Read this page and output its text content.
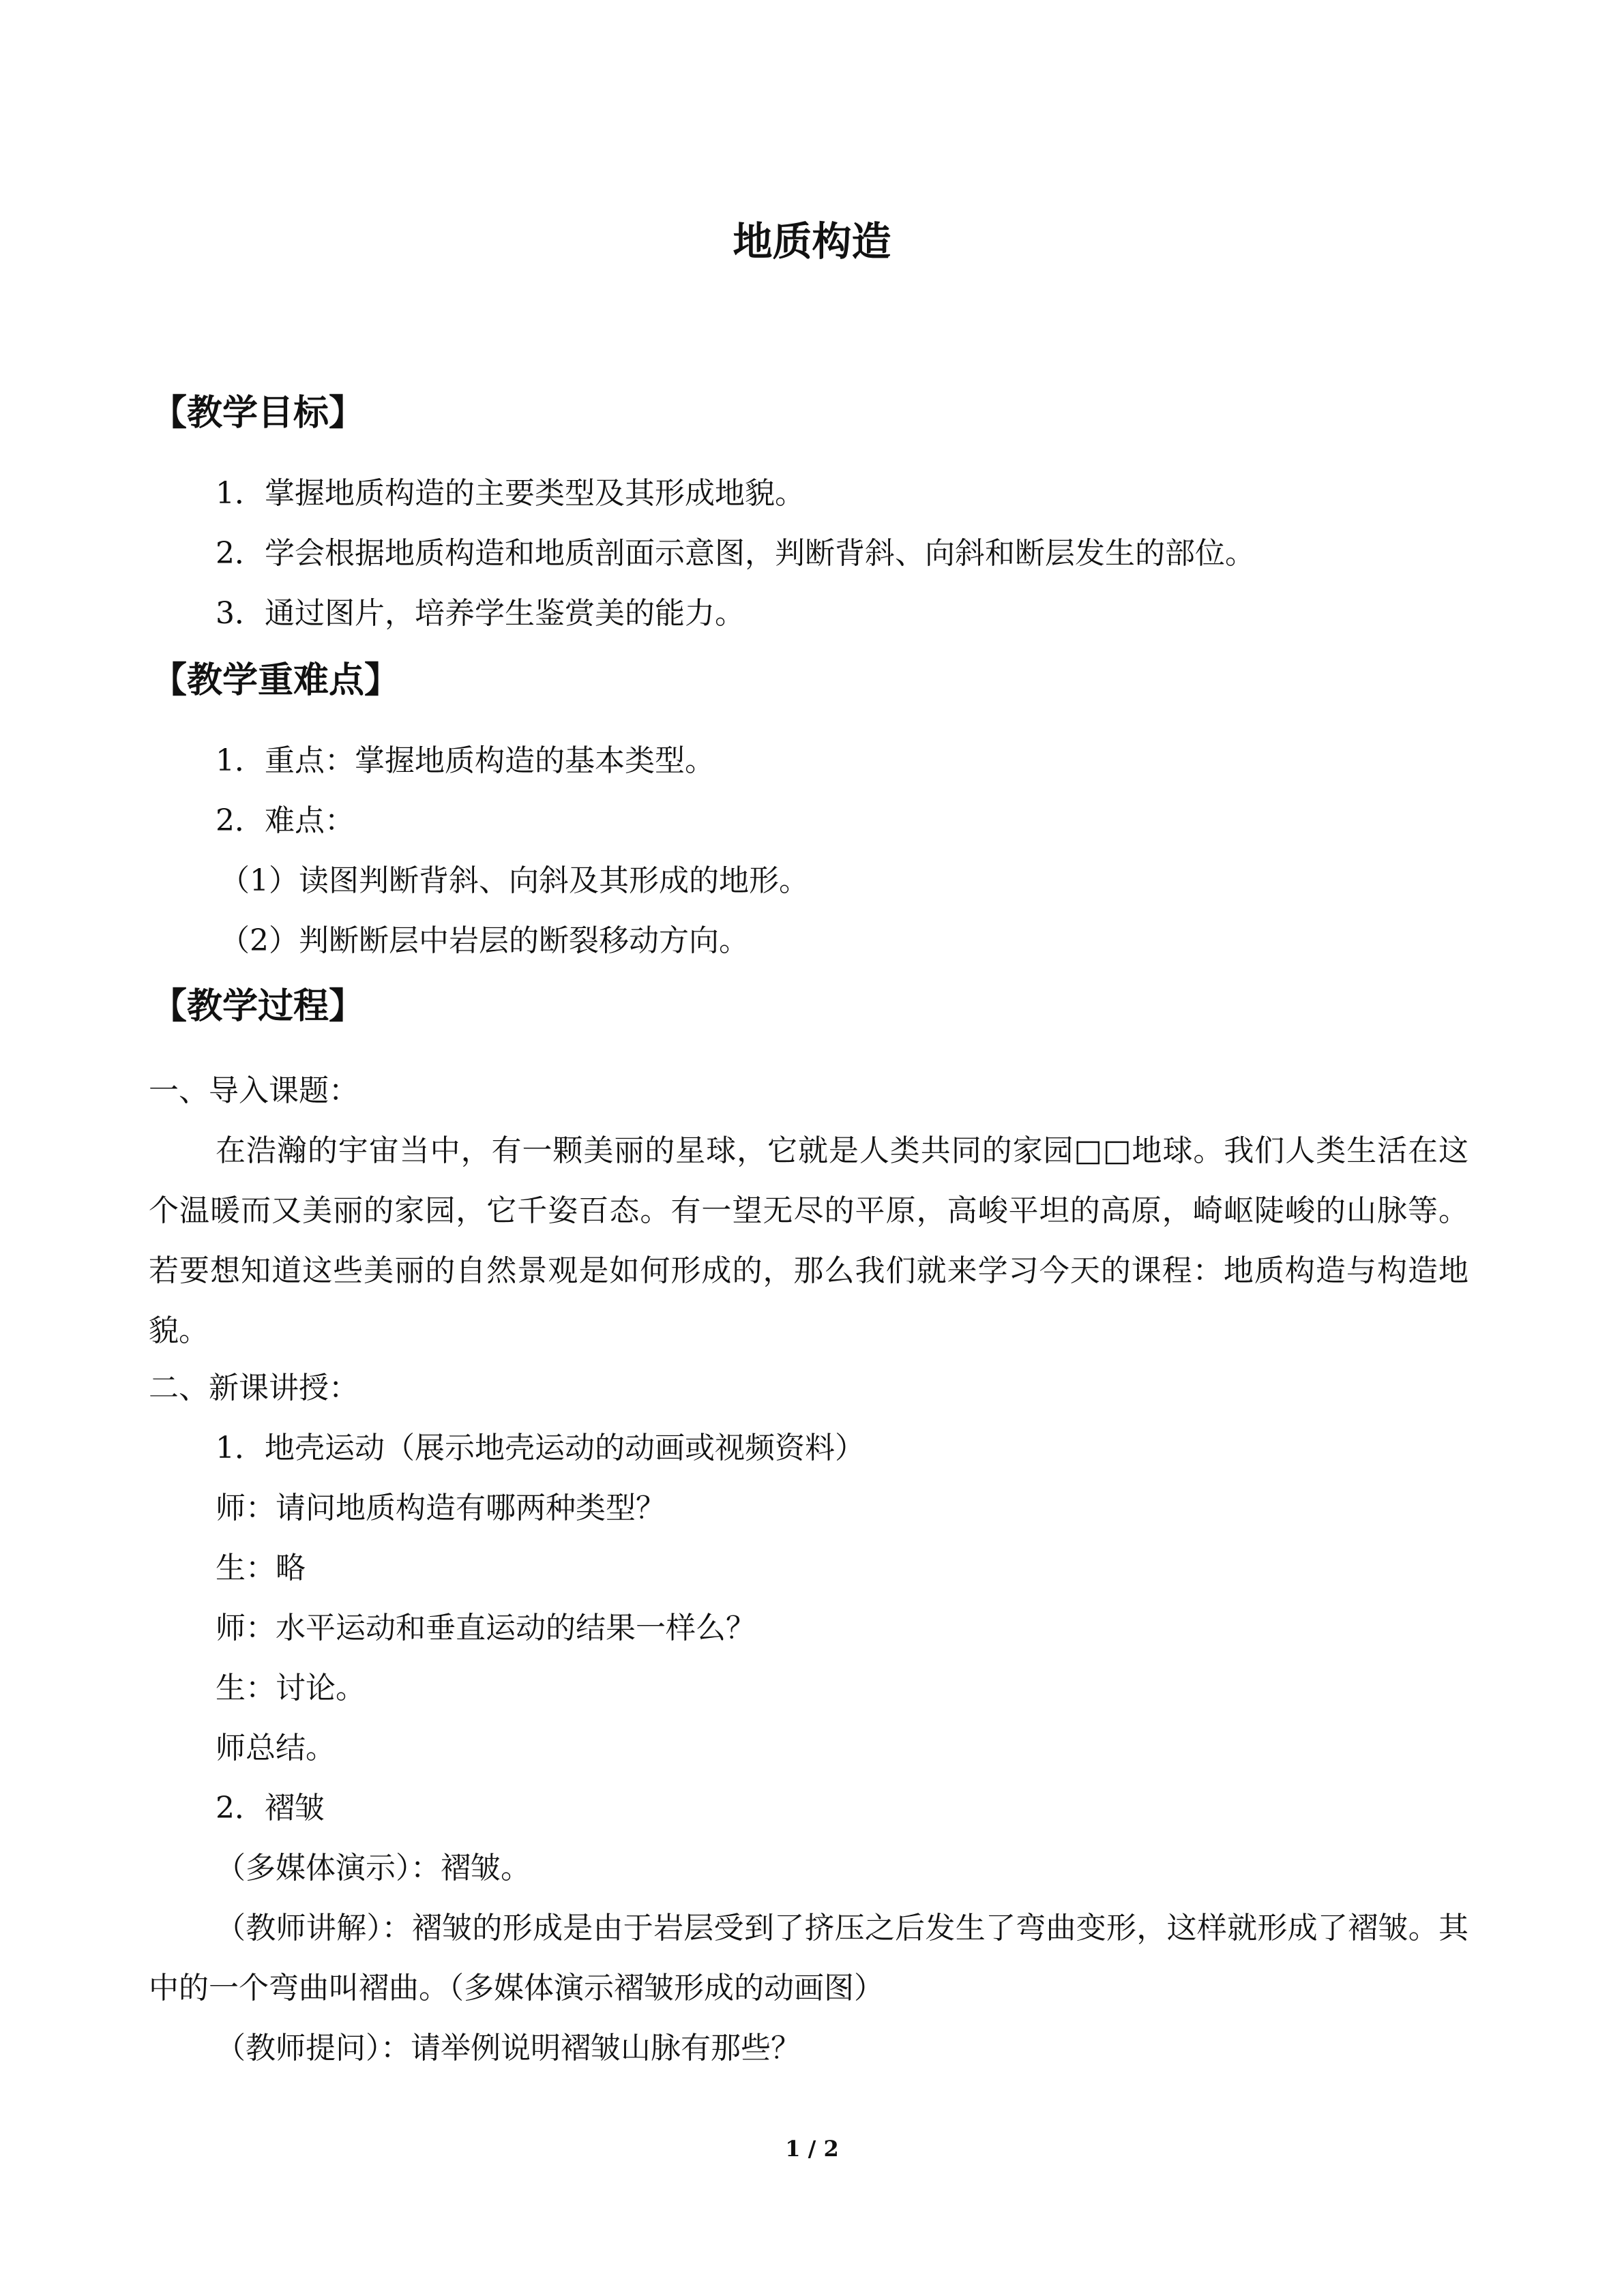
地质构造
【教学目标】
1．掌握地质构造的主要类型及其形成地貌。
2．学会根据地质构造和地质剖面示意图，判断背斜、向斜和断层发生的部位。
3．通过图片，培养学生鉴赏美的能力。
【教学重难点】
1．重点：掌握地质构造的基本类型。
2．难点：
（1）读图判断背斜、向斜及其形成的地形。
（2）判断断层中岩层的断裂移动方向。
【教学过程】
一、导入课题：
在浩瀚的宇宙当中，有一颗美丽的星球，它就是人类共同的家园□□地球。我们人类生活在这个温暖而又美丽的家园，它千姿百态。有一望无尽的平原，高峻平坦的高原，崎岖陡峻的山脉等。若要想知道这些美丽的自然景观是如何形成的，那么我们就来学习今天的课程：地质构造与构造地貌。
二、新课讲授：
1．地壳运动（展示地壳运动的动画或视频资料）
师：请问地质构造有哪两种类型？
生：略
师：水平运动和垂直运动的结果一样么？
生：讨论。
师总结。
2．褶皱
（多媒体演示）：褶皱。
（教师讲解）：褶皱的形成是由于岩层受到了挤压之后发生了弯曲变形，这样就形成了褶皱。其中的一个弯曲叫褶曲。（多媒体演示褶皱形成的动画图）
（教师提问）：请举例说明褶皱山脉有那些？
1 / 2
